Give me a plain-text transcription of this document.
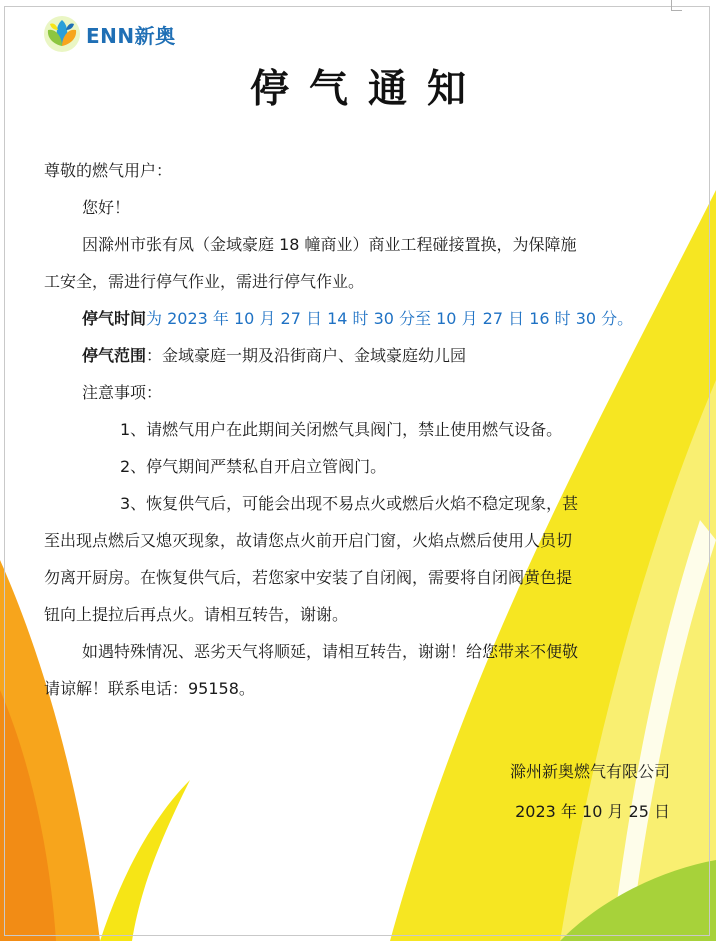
ENN新奥
停气通知
尊敬的燃气用户：
您好！
因滁州市张有凤（金域豪庭 18 幢商业）商业工程碰接置换，为保障施
工安全，需进行停气作业，需进行停气作业。
停气时间为 2023 年 10 月 27 日 14 时 30 分至 10 月 27 日 16 时 30 分。
停气范围：金域豪庭一期及沿街商户、金域豪庭幼儿园
注意事项：
1、请燃气用户在此期间关闭燃气具阀门，禁止使用燃气设备。
2、停气期间严禁私自开启立管阀门。
3、恢复供气后，可能会出现不易点火或燃后火焰不稳定现象，甚
至出现点燃后又熄灭现象，故请您点火前开启门窗，火焰点燃后使用人员切
勿离开厨房。在恢复供气后，若您家中安装了自闭阀，需要将自闭阀黄色提
钮向上提拉后再点火。请相互转告，谢谢。
如遇特殊情况、恶劣天气将顺延，请相互转告，谢谢！给您带来不便敬
请谅解！联系电话：95158。
滁州新奥燃气有限公司
2023 年 10 月 25 日
